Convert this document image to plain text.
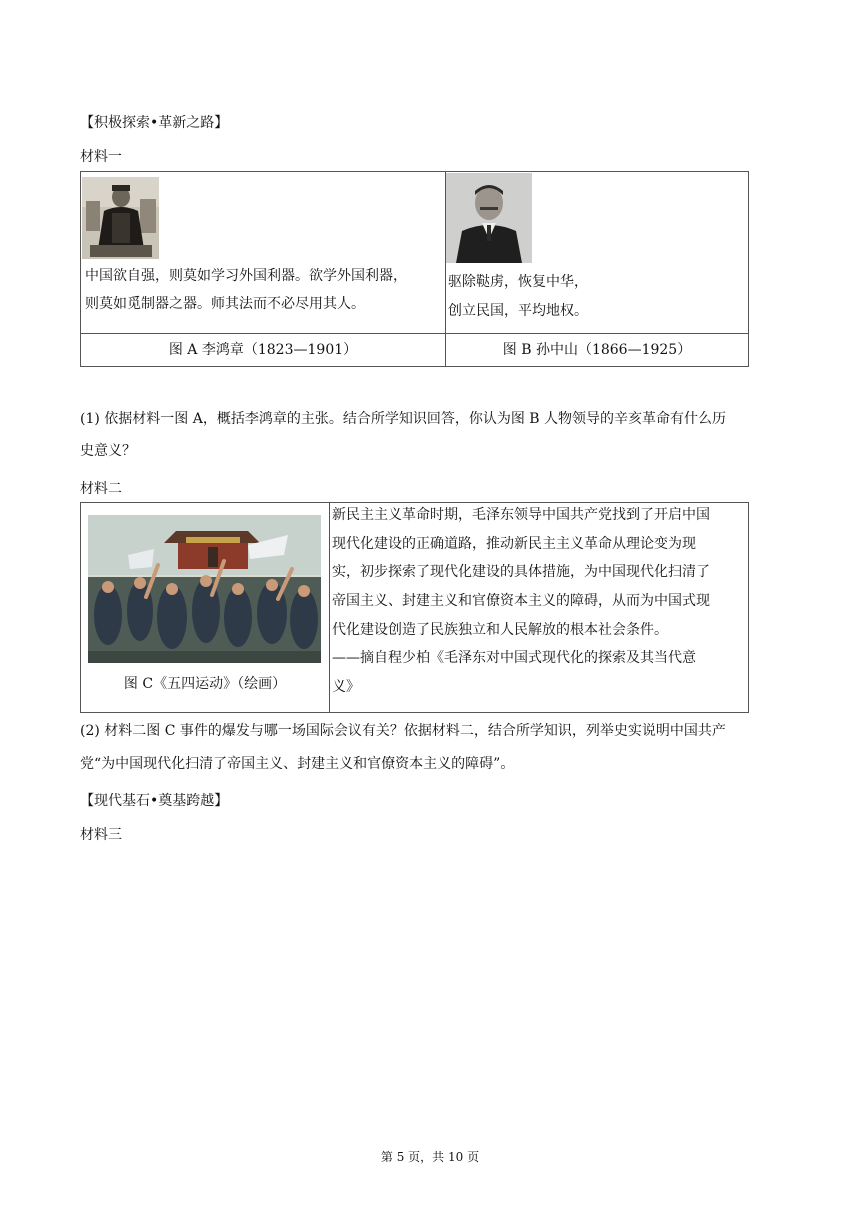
【积极探索•革新之路】
材料一
中国欲自强，则莫如学习外国利器。欲学外国利器，
则莫如觅制器之器。师其法而不必尽用其人。
图 A 李鸿章（1823—1901）
驱除鞑虏，恢复中华，
创立民国，平均地权。
图 B 孙中山（1866—1925）
(1) 依据材料一图 A，概括李鸿章的主张。结合所学知识回答，你认为图 B 人物领导的辛亥革命有什么历
史意义？
材料二
图 C《五四运动》（绘画）
新民主主义革命时期，毛泽东领导中国共产党找到了开启中国
现代化建设的正确道路，推动新民主主义革命从理论变为现
实，初步探索了现代化建设的具体措施，为中国现代化扫清了
帝国主义、封建主义和官僚资本主义的障碍，从而为中国式现
代化建设创造了民族独立和人民解放的根本社会条件。
——摘自程少柏《毛泽东对中国式现代化的探索及其当代意
义》
(2) 材料二图 C 事件的爆发与哪一场国际会议有关？依据材料二，结合所学知识，列举史实说明中国共产
党“为中国现代化扫清了帝国主义、封建主义和官僚资本主义的障碍”。
【现代基石•奠基跨越】
材料三
第 5 页，共 10 页
